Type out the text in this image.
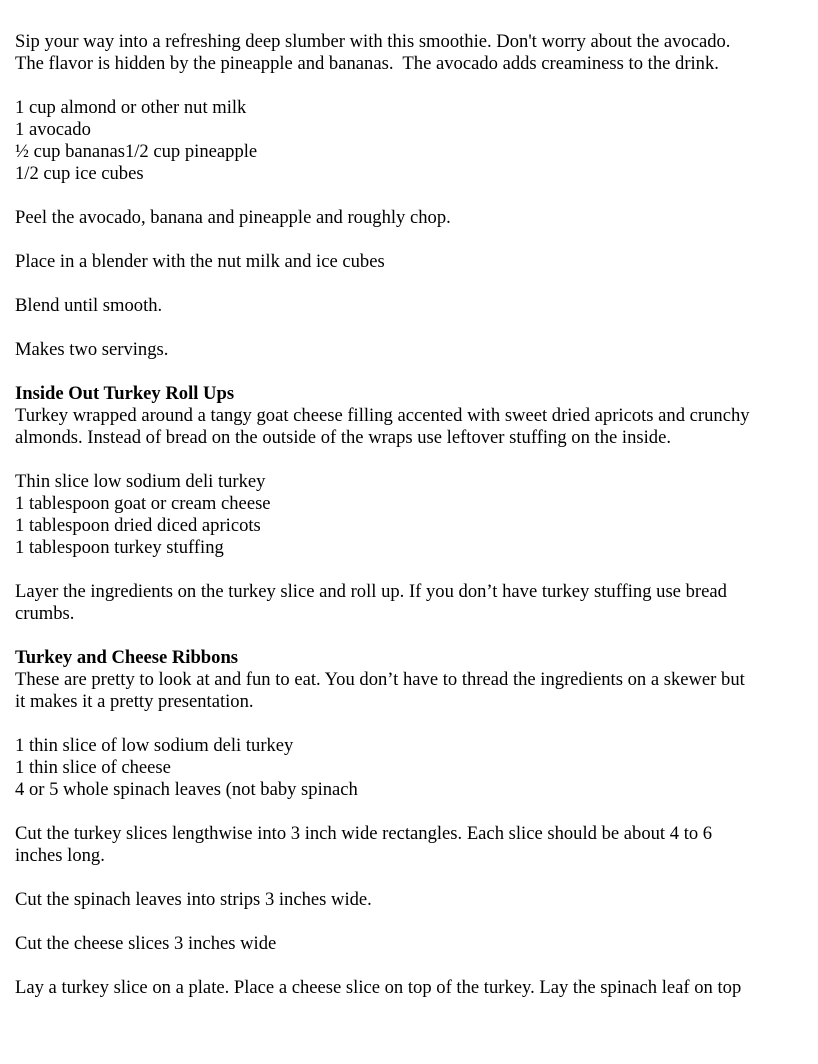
Sip your way into a refreshing deep slumber with this smoothie. Don't worry about the avocado.

The flavor is hidden by the pineapple and bananas.  The avocado adds creaminess to the drink.

1 cup almond or other nut milk

1 avocado

½ cup bananas1/2 cup pineapple

1/2 cup ice cubes

Peel the avocado, banana and pineapple and roughly chop.

Place in a blender with the nut milk and ice cubes

Blend until smooth.

Makes two servings.

Inside Out Turkey Roll Ups

Turkey wrapped around a tangy goat cheese filling accented with sweet dried apricots and crunchy

almonds. Instead of bread on the outside of the wraps use leftover stuffing on the inside.

Thin slice low sodium deli turkey

1 tablespoon goat or cream cheese

1 tablespoon dried diced apricots

1 tablespoon turkey stuffing

Layer the ingredients on the turkey slice and roll up. If you don’t have turkey stuffing use bread

crumbs.

Turkey and Cheese Ribbons

These are pretty to look at and fun to eat. You don’t have to thread the ingredients on a skewer but

it makes it a pretty presentation.

1 thin slice of low sodium deli turkey

1 thin slice of cheese

4 or 5 whole spinach leaves (not baby spinach

Cut the turkey slices lengthwise into 3 inch wide rectangles. Each slice should be about 4 to 6

inches long.

Cut the spinach leaves into strips 3 inches wide.

Cut the cheese slices 3 inches wide

Lay a turkey slice on a plate. Place a cheese slice on top of the turkey. Lay the spinach leaf on top
